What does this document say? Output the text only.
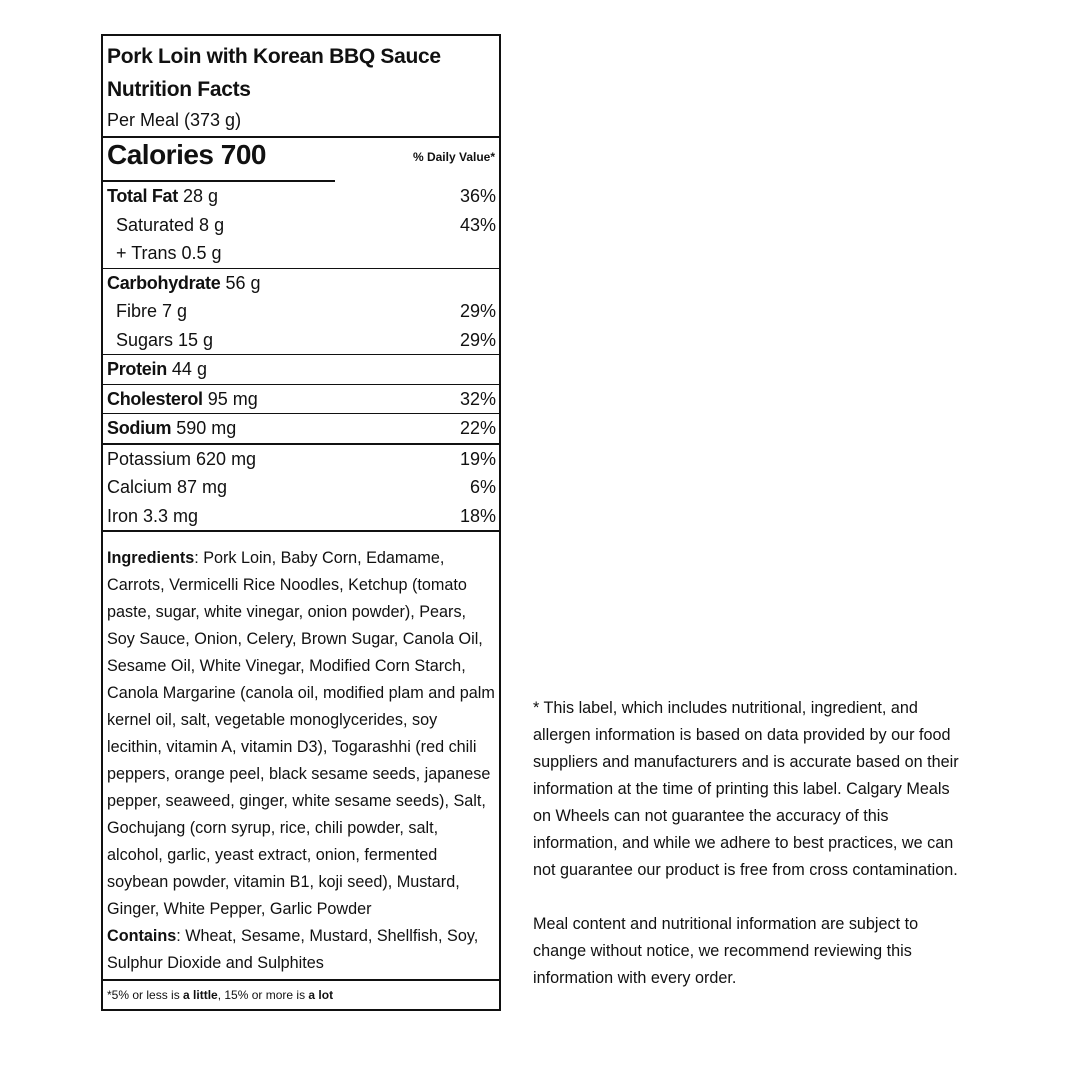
Pork Loin with Korean BBQ Sauce
Nutrition Facts
Per Meal (373 g)
Calories 700	% Daily Value*
Total Fat 28 g	36%
Saturated 8 g	43%
+ Trans 0.5 g
Carbohydrate 56 g
Fibre 7 g	29%
Sugars 15 g	29%
Protein 44 g
Cholesterol 95 mg	32%
Sodium 590 mg	22%
Potassium 620 mg	19%
Calcium 87 mg	6%
Iron 3.3 mg	18%
Ingredients: Pork Loin, Baby Corn, Edamame, Carrots, Vermicelli Rice Noodles, Ketchup (tomato paste, sugar, white vinegar, onion powder), Pears, Soy Sauce, Onion, Celery, Brown Sugar, Canola Oil, Sesame Oil, White Vinegar, Modified Corn Starch, Canola Margarine (canola oil, modified plam and palm kernel oil, salt, vegetable monoglycerides, soy lecithin, vitamin A, vitamin D3), Togarashhi (red chili peppers, orange peel, black sesame seeds, japanese pepper, seaweed, ginger, white sesame seeds), Salt, Gochujang (corn syrup, rice, chili powder, salt, alcohol, garlic, yeast extract, onion, fermented soybean powder, vitamin B1, koji seed), Mustard, Ginger, White Pepper, Garlic Powder
Contains: Wheat, Sesame, Mustard, Shellfish, Soy, Sulphur Dioxide and Sulphites
*5% or less is a little, 15% or more is a lot

* This label, which includes nutritional, ingredient, and allergen information is based on data provided by our food suppliers and manufacturers and is accurate based on their information at the time of printing this label. Calgary Meals on Wheels can not guarantee the accuracy of this information, and while we adhere to best practices, we can not guarantee our product is free from cross contamination.

Meal content and nutritional information are subject to change without notice, we recommend reviewing this information with every order.
